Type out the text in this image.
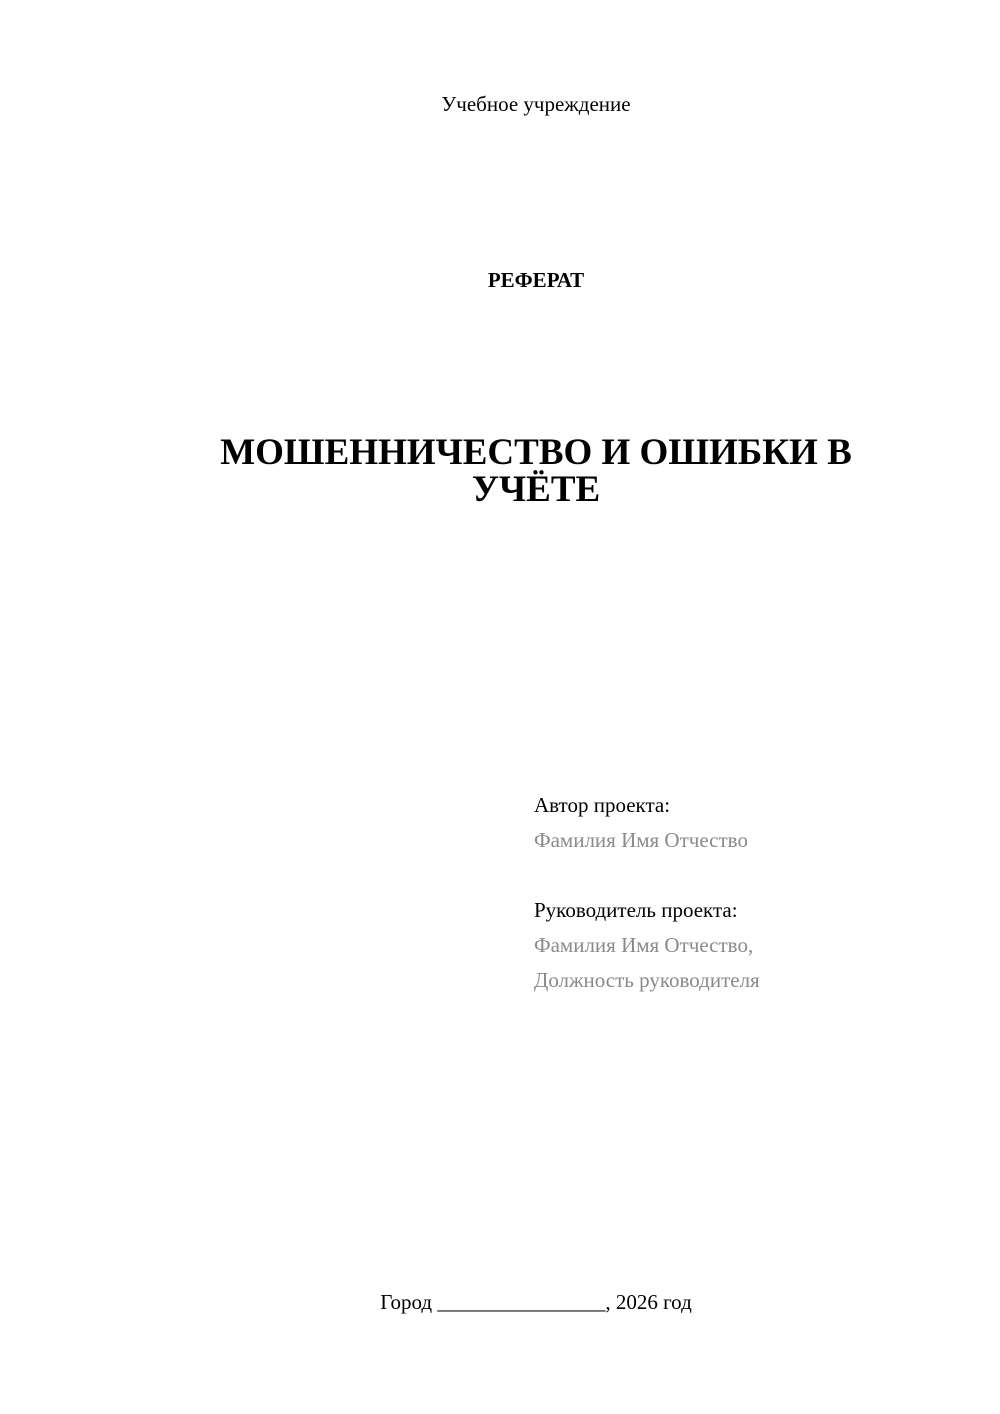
Учебное учреждение
РЕФЕРАТ
МОШЕННИЧЕСТВО И ОШИБКИ В УЧЁТЕ
Автор проекта:
Фамилия Имя Отчество
Руководитель проекта:
Фамилия Имя Отчество,
Должность руководителя
Город ________________, 2026 год
